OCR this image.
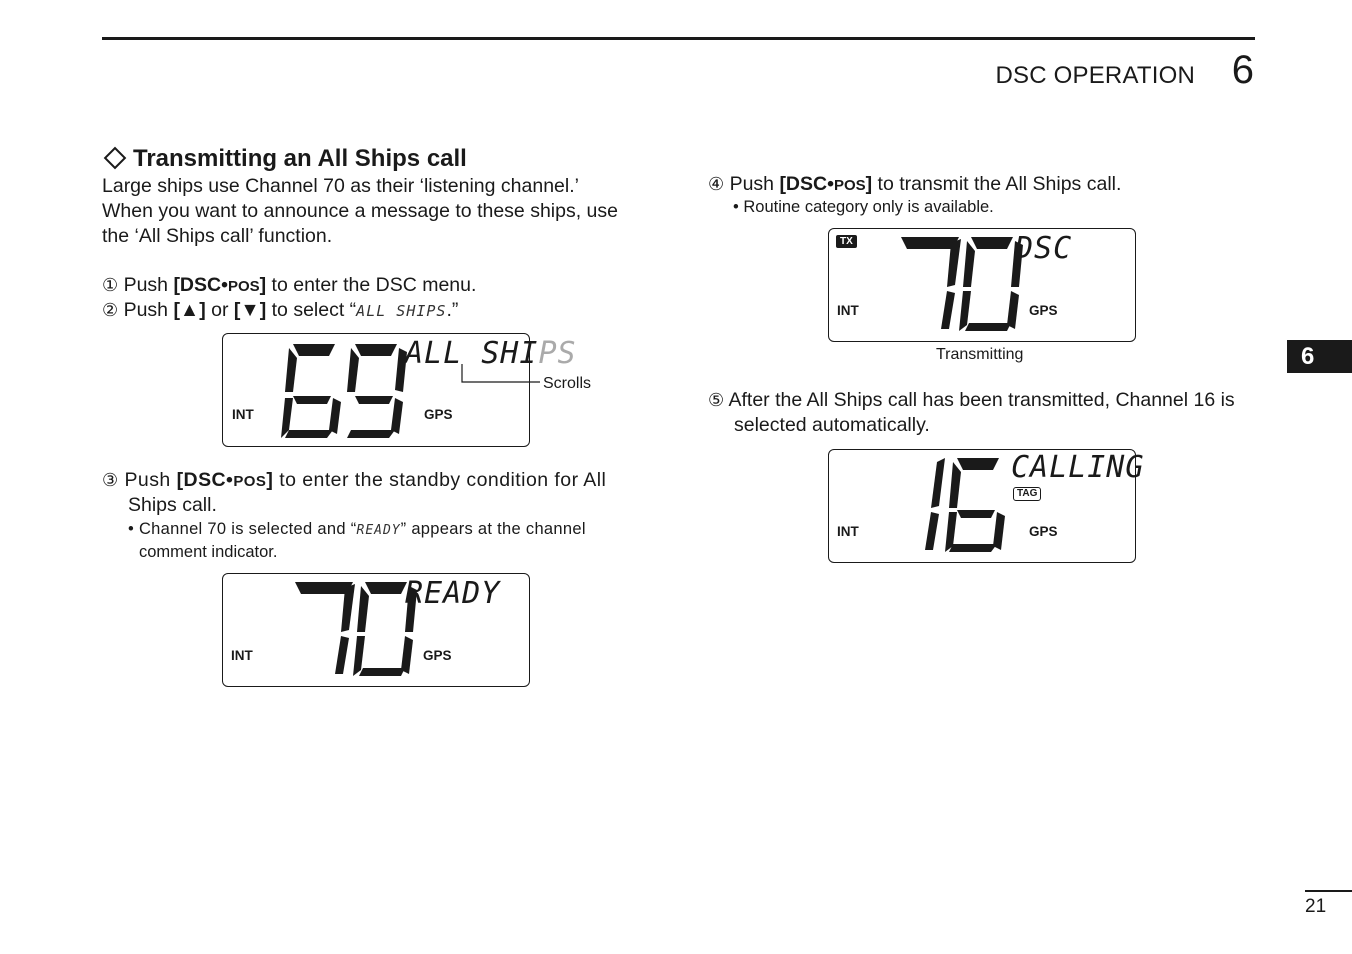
DSC OPERATION 6
Transmitting an All Ships call
Large ships use Channel 70 as their ‘listening channel.’
When you want to announce a message to these ships, use
the ‘All Ships call’ function.
① Push [DSC•POS] to enter the DSC menu.
② Push [▲] or [▼] to select “ALL SHIPS.”
ALL SHIPS
INT	GPS
Scrolls
③ Push [DSC•POS] to enter the standby condition for All
Ships call.
• Channel 70 is selected and “READY” appears at the channel
comment indicator.
READY
INT	GPS
④ Push [DSC•POS] to transmit the All Ships call.
• Routine category only is available.
TX	DSC
INT	GPS
Transmitting
⑤ After the All Ships call has been transmitted, Channel 16 is
selected automatically.
CALLING
TAG
INT	GPS
6
21
